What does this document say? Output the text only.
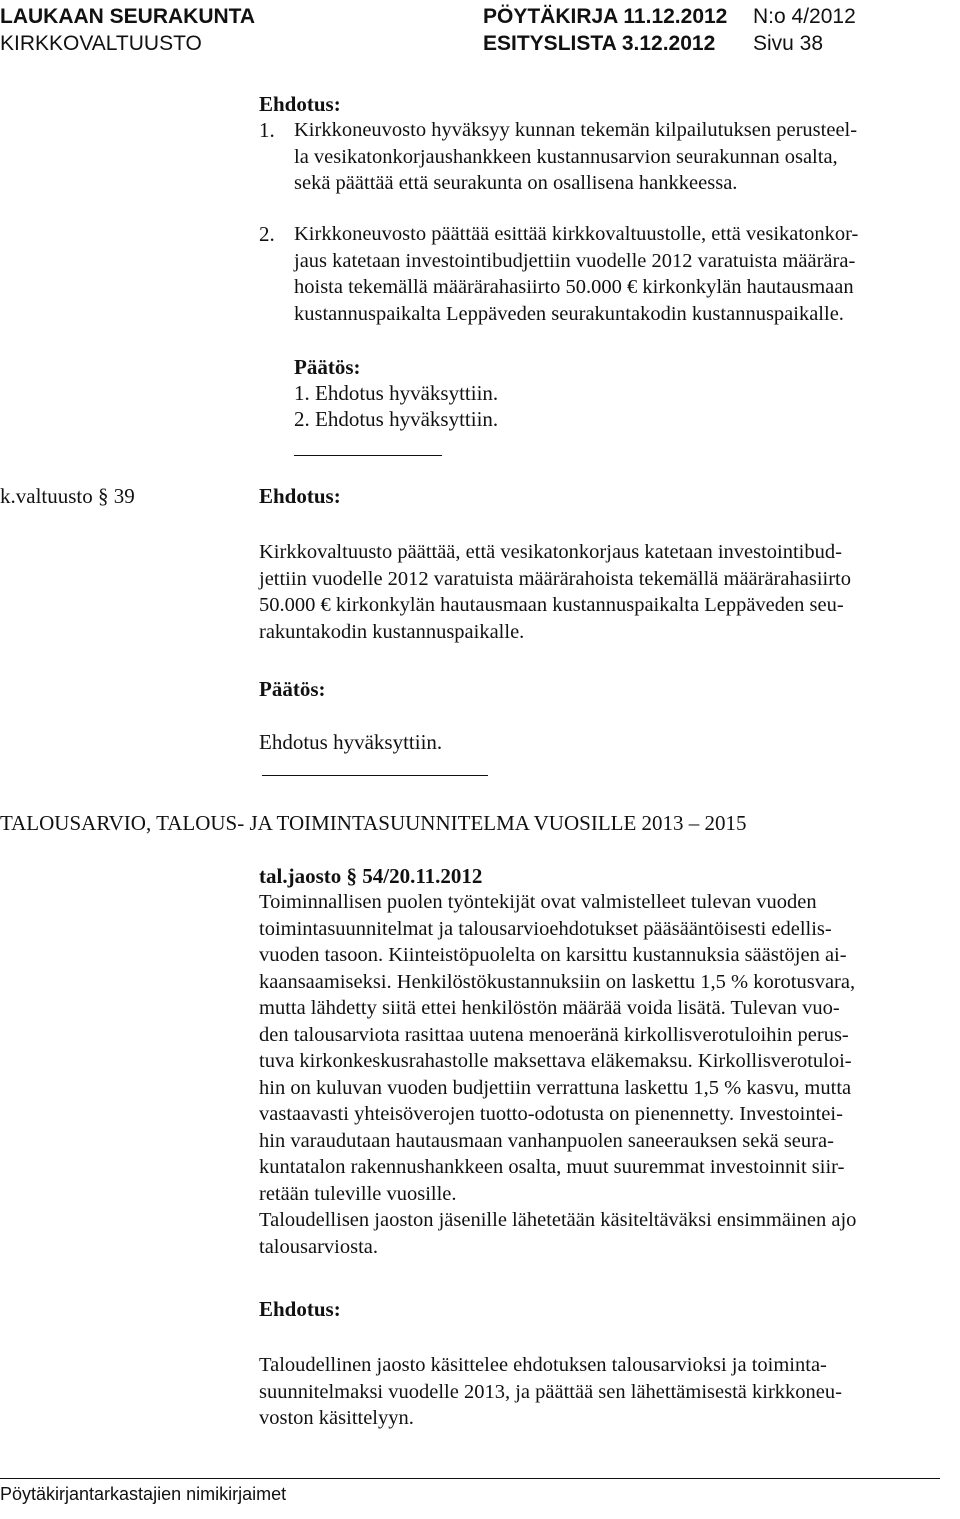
LAUKAAN SEURAKUNTA
KIRKKOVALTUUSTO
PÖYTÄKIRJA 11.12.2012
ESITYSLISTA 3.12.2012
N:o 4/2012
Sivu 38
Ehdotus:
1. Kirkkoneuvosto hyväksyy kunnan tekemän kilpailutuksen perusteel-
la vesikatonkorjaushankkeen kustannusarvion seurakunnan osalta,
sekä päättää että seurakunta on osallisena hankkeessa.
2. Kirkkoneuvosto päättää esittää kirkkovaltuustolle, että vesikatonkor-
jaus katetaan investointibudjettiin vuodelle 2012 varatuista määrära-
hoista tekemällä määrärahasiirto 50.000 € kirkonkylän hautausmaan
kustannuspaikalta Leppäveden seurakuntakodin kustannuspaikalle.
Päätös:
1. Ehdotus hyväksyttiin.
2. Ehdotus hyväksyttiin.
k.valtuusto § 39	Ehdotus:
Kirkkovaltuusto päättää, että vesikatonkorjaus katetaan investointibud-
jettiin vuodelle 2012 varatuista määrärahoista tekemällä määrärahasiirto
50.000 € kirkonkylän hautausmaan kustannuspaikalta Leppäveden seu-
rakuntakodin kustannuspaikalle.
Päätös:
Ehdotus hyväksyttiin.
TALOUSARVIO, TALOUS- JA TOIMINTASUUNNITELMA VUOSILLE 2013 – 2015
tal.jaosto § 54/20.11.2012
Toiminnallisen puolen työntekijät ovat valmistelleet tulevan vuoden
toimintasuunnitelmat ja talousarvioehdotukset pääsääntöisesti edellis-
vuoden tasoon. Kiinteistöpuolelta on karsittu kustannuksia säästöjen ai-
kaansaamiseksi. Henkilöstökustannuksiin on laskettu 1,5 % korotusvara,
mutta lähdetty siitä ettei henkilöstön määrää voida lisätä. Tulevan vuo-
den talousarviota rasittaa uutena menoeränä kirkollisverotuloihin perus-
tuva kirkonkeskusrahastolle maksettava eläkemaksu. Kirkollisverotuloi-
hin on kuluvan vuoden budjettiin verrattuna laskettu 1,5 % kasvu, mutta
vastaavasti yhteisöverojen tuotto-odotusta on pienennetty. Investointei-
hin varaudutaan hautausmaan vanhanpuolen saneerauksen sekä seura-
kuntatalon rakennushankkeen osalta, muut suuremmat investoinnit siir-
retään tuleville vuosille.
Taloudellisen jaoston jäsenille lähetetään käsiteltäväksi ensimmäinen ajo
talousarviosta.
Ehdotus:
Taloudellinen jaosto käsittelee ehdotuksen talousarvioksi ja toiminta-
suunnitelmaksi vuodelle 2013, ja päättää sen lähettämisestä kirkkoneu-
voston käsittelyyn.
Pöytäkirjantarkastajien nimikirjaimet
